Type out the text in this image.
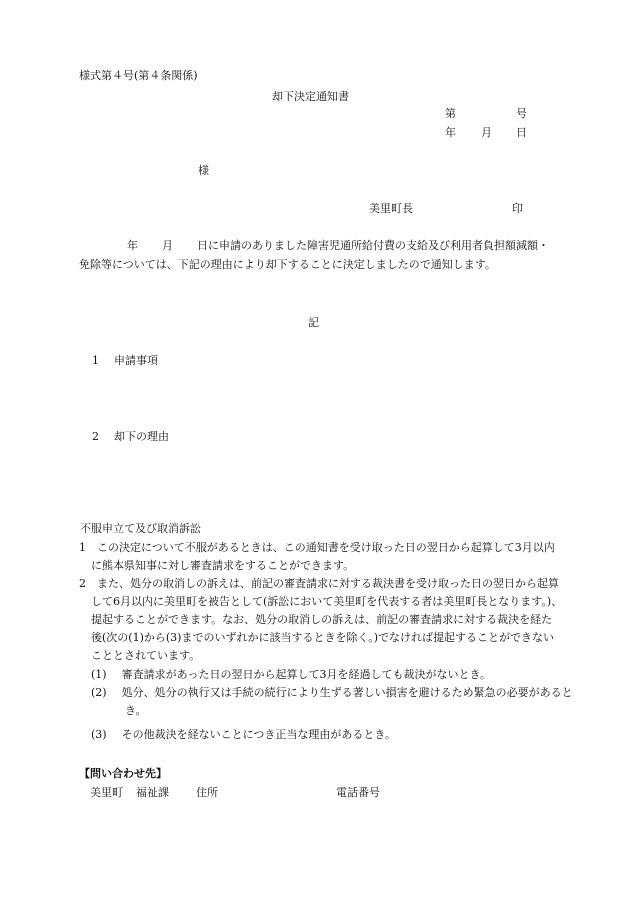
様式第４号(第４条関係)
却下決定通知書
第	号
年 月 日
様
美里町長	印
年 月 日に申請のありました障害児通所給付費の支給及び利用者負担額減額・免除等については、下記の理由により却下することに決定しましたので通知します。
記
1 申請事項
2 却下の理由
不服申立て及び取消訴訟
1　この決定について不服があるときは、この通知書を受け取った日の翌日から起算して3月以内に熊本県知事に対し審査請求をすることができます。
2　また、処分の取消しの訴えは、前記の審査請求に対する裁決書を受け取った日の翌日から起算して6月以内に美里町を被告として(訴訟において美里町を代表する者は美里町長となります。)、提起することができます。なお、処分の取消しの訴えは、前記の審査請求に対する裁決を経た後(次の(1)から(3)までのいずれかに該当するときを除く。)でなければ提起することができないこととされています。
(1) 審査請求があった日の翌日から起算して3月を経過しても裁決がないとき。
(2) 処分、処分の執行又は手続の続行により生ずる著しい損害を避けるため緊急の必要があるとき。
(3) その他裁決を経ないことにつき正当な理由があるとき。
【問い合わせ先】
美里町 福祉課 住所	電話番号
